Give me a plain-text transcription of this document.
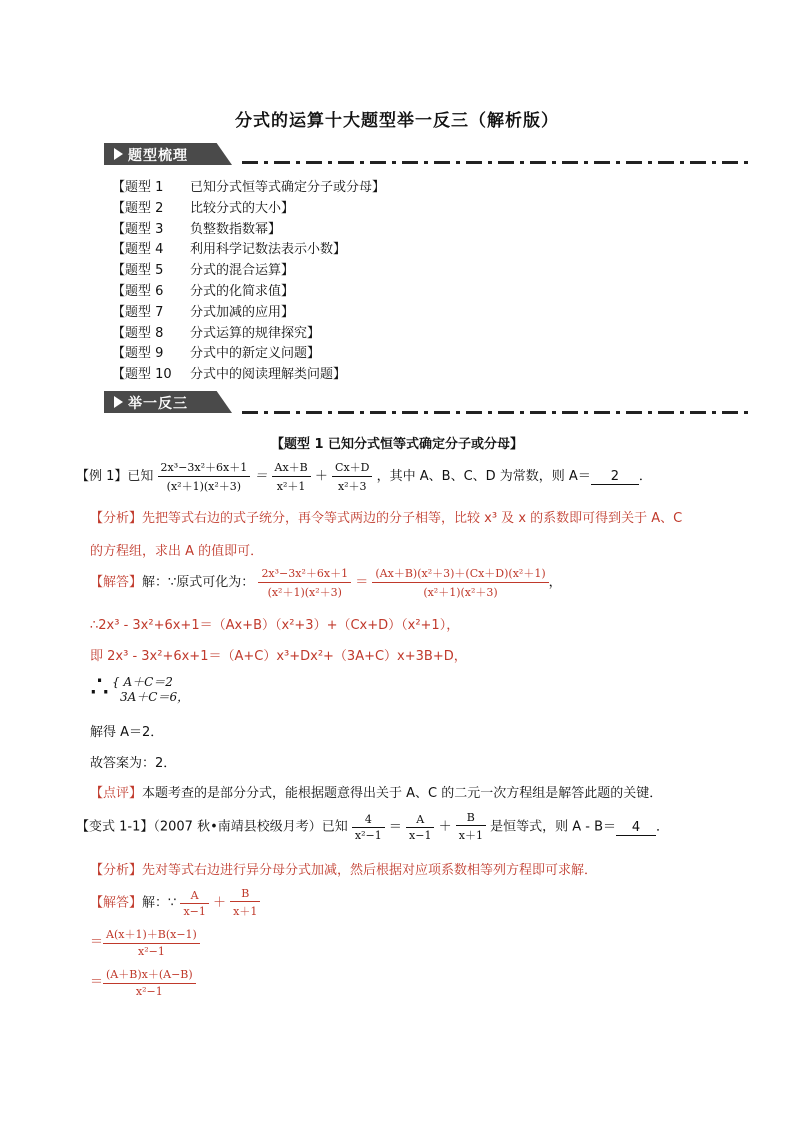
分式的运算十大题型举一反三（解析版）
题型梳理
【题型 1 已知分式恒等式确定分子或分母】
【题型 2 比较分式的大小】
【题型 3 负整数指数幂】
【题型 4 利用科学记数法表示小数】
【题型 5 分式的混合运算】
【题型 6 分式的化简求值】
【题型 7 分式加减的应用】
【题型 8 分式运算的规律探究】
【题型 9 分式中的新定义问题】
【题型 10 分式中的阅读理解类问题】
举一反三
【题型 1 已知分式恒等式确定分子或分母】
【例 1】已知 $\frac{\text{2x³−3x²＋6x＋1}}{\text{(x²＋1)(x²＋3)}} = \frac{Ax+B}{\text{x²＋1}} + \frac{Cx+D}{\text{x²＋3}}$ ，其中 A、B、C、D 为常数，则 A＝ 2 ．
【分析】先把等式右边的式子统分，再令等式两边的分子相等，比较 x³ 及 x 的系数即可得到关于 A、C
的方程组，求出 A 的值即可．
【解答】解：∵原式可化为： $\frac{\text{2x³−3x²＋6x＋1}}{\text{(x²＋1)(x²＋3)}} = \frac{\text{(Ax＋B)(x²＋3)＋(Cx＋D)(x²＋1)}}{\text{(x²＋1)(x²＋3)}}$ ，
∴2x³ - 3x²+6x+1＝（Ax+B）（x²+3）+（Cx+D）（x²+1），
即 2x³ - 3x²+6x+1＝（A+C）x³+Dx²+（3A+C）x+3B+D，
∴ { A＋C＝2
3A＋C＝6，
解得 A＝2．
故答案为：2．
【点评】本题考查的是部分分式，能根据题意得出关于 A、C 的二元一次方程组是解答此题的关键．
【变式 1-1】（2007 秋•南靖县校级月考）已知 $\frac{4}{\text{x²−1}} = \frac{A}{x-1} + \frac{B}{x+1}$ 是恒等式，则 A - B＝ 4 ．
【分析】先对等式右边进行异分母分式加减，然后根据对应项系数相等列方程即可求解．
【解答】解：∵ $\frac{A}{x-1} + \frac{B}{x+1}$
＝ $\frac{A(x+1)+B(x-1)}{\text{x²−1}}$
＝ $\frac{(A+B)x+(A-B)}{\text{x²−1}}$
